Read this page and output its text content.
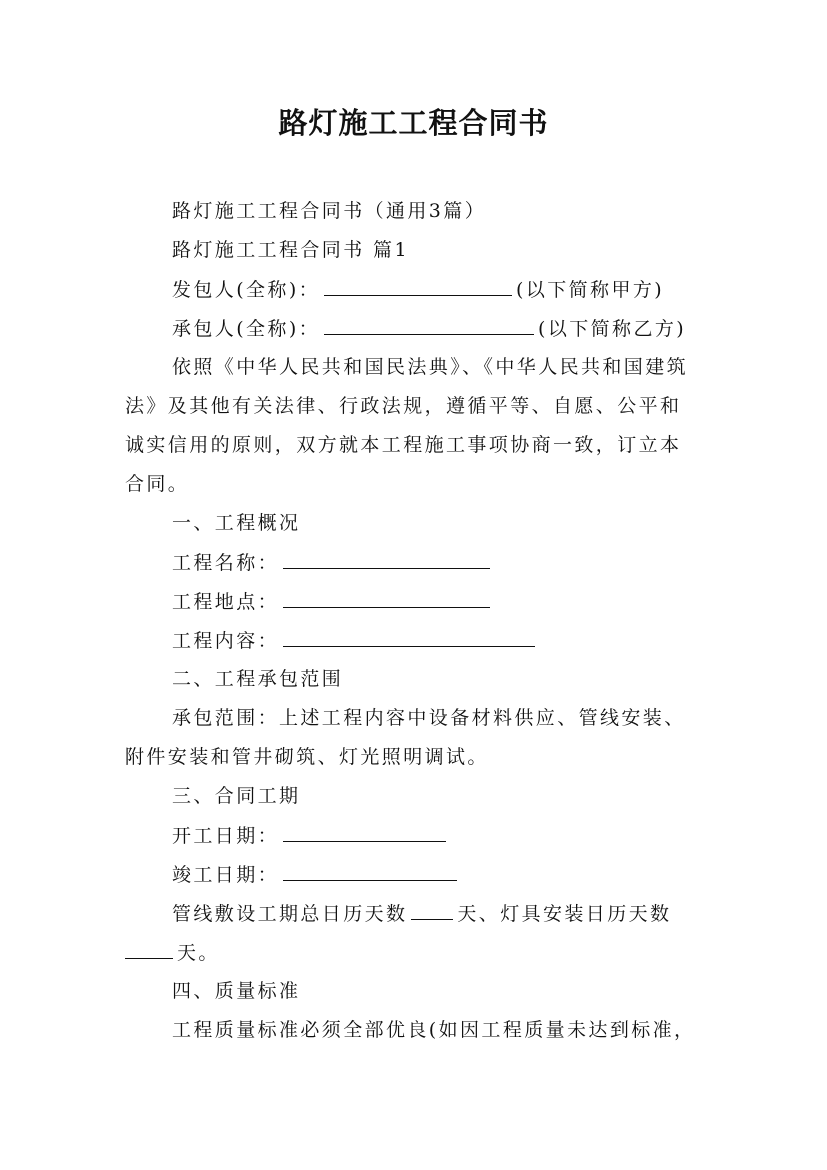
路灯施工工程合同书
路灯施工工程合同书（通用3篇）
路灯施工工程合同书 篇1
发包人(全称)：	(以下简称甲方)
承包人(全称)：	(以下简称乙方)
依照《中华人民共和国民法典》、《中华人民共和国建筑
法》及其他有关法律、行政法规，遵循平等、自愿、公平和
诚实信用的原则，双方就本工程施工事项协商一致，订立本
合同。
一、工程概况
工程名称：
工程地点：
工程内容：
二、工程承包范围
承包范围：上述工程内容中设备材料供应、管线安装、
附件安装和管井砌筑、灯光照明调试。
三、合同工期
开工日期：
竣工日期：
管线敷设工期总日历天数	天、灯具安装日历天数
天。
四、质量标准
工程质量标准必须全部优良(如因工程质量未达到标准，
